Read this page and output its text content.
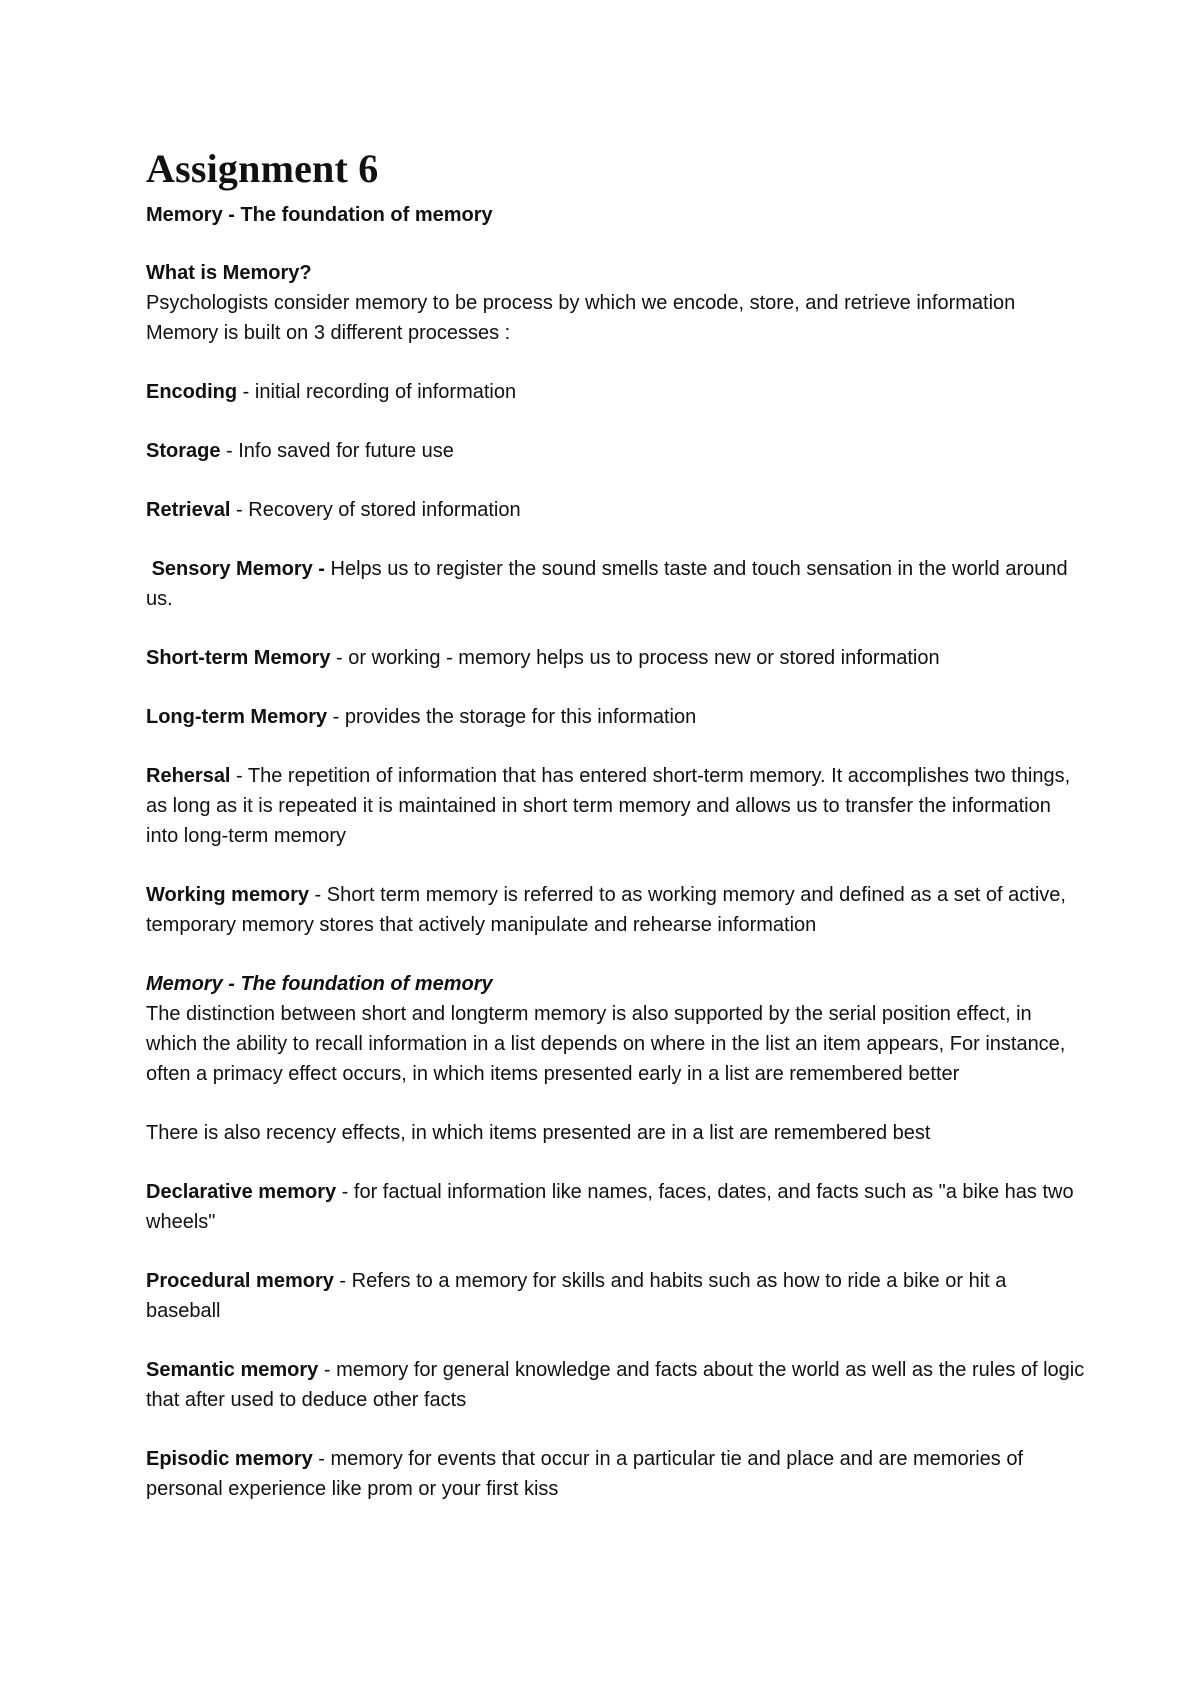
Assignment 6
Memory - The foundation of memory
What is Memory?

Psychologists consider memory to be process by which we encode, store, and retrieve information Memory is built on 3 different processes :

Encoding - initial recording of information

Storage - Info saved for future use

Retrieval - Recovery of stored information

Sensory Memory - Helps us to register the sound smells taste and touch sensation in the world around us.

Short-term Memory - or working - memory helps us to process new or stored information

Long-term Memory - provides the storage for this information

Rehersal - The repetition of information that has entered short-term memory. It accomplishes two things, as long as it is repeated it is maintained in short term memory and allows us to transfer the information into long-term memory

Working memory - Short term memory is referred to as working memory and defined as a set of active, temporary memory stores that actively manipulate and rehearse information

Memory - The foundation of memory

The distinction between short and longterm memory is also supported by the serial position effect, in which the ability to recall information in a list depends on where in the list an item appears, For instance, often a primacy effect occurs, in which items presented early in a list are remembered better

There is also recency effects, in which items presented are in a list are remembered best

Declarative memory - for factual information like names, faces, dates, and facts such as "a bike has two wheels"

Procedural memory - Refers to a memory for skills and habits such as how to ride a bike or hit a baseball

Semantic memory - memory for general knowledge and facts about the world as well as the rules of logic that after used to deduce other facts

Episodic memory - memory for events that occur in a particular tie and place and are memories of personal experience like prom or your first kiss
